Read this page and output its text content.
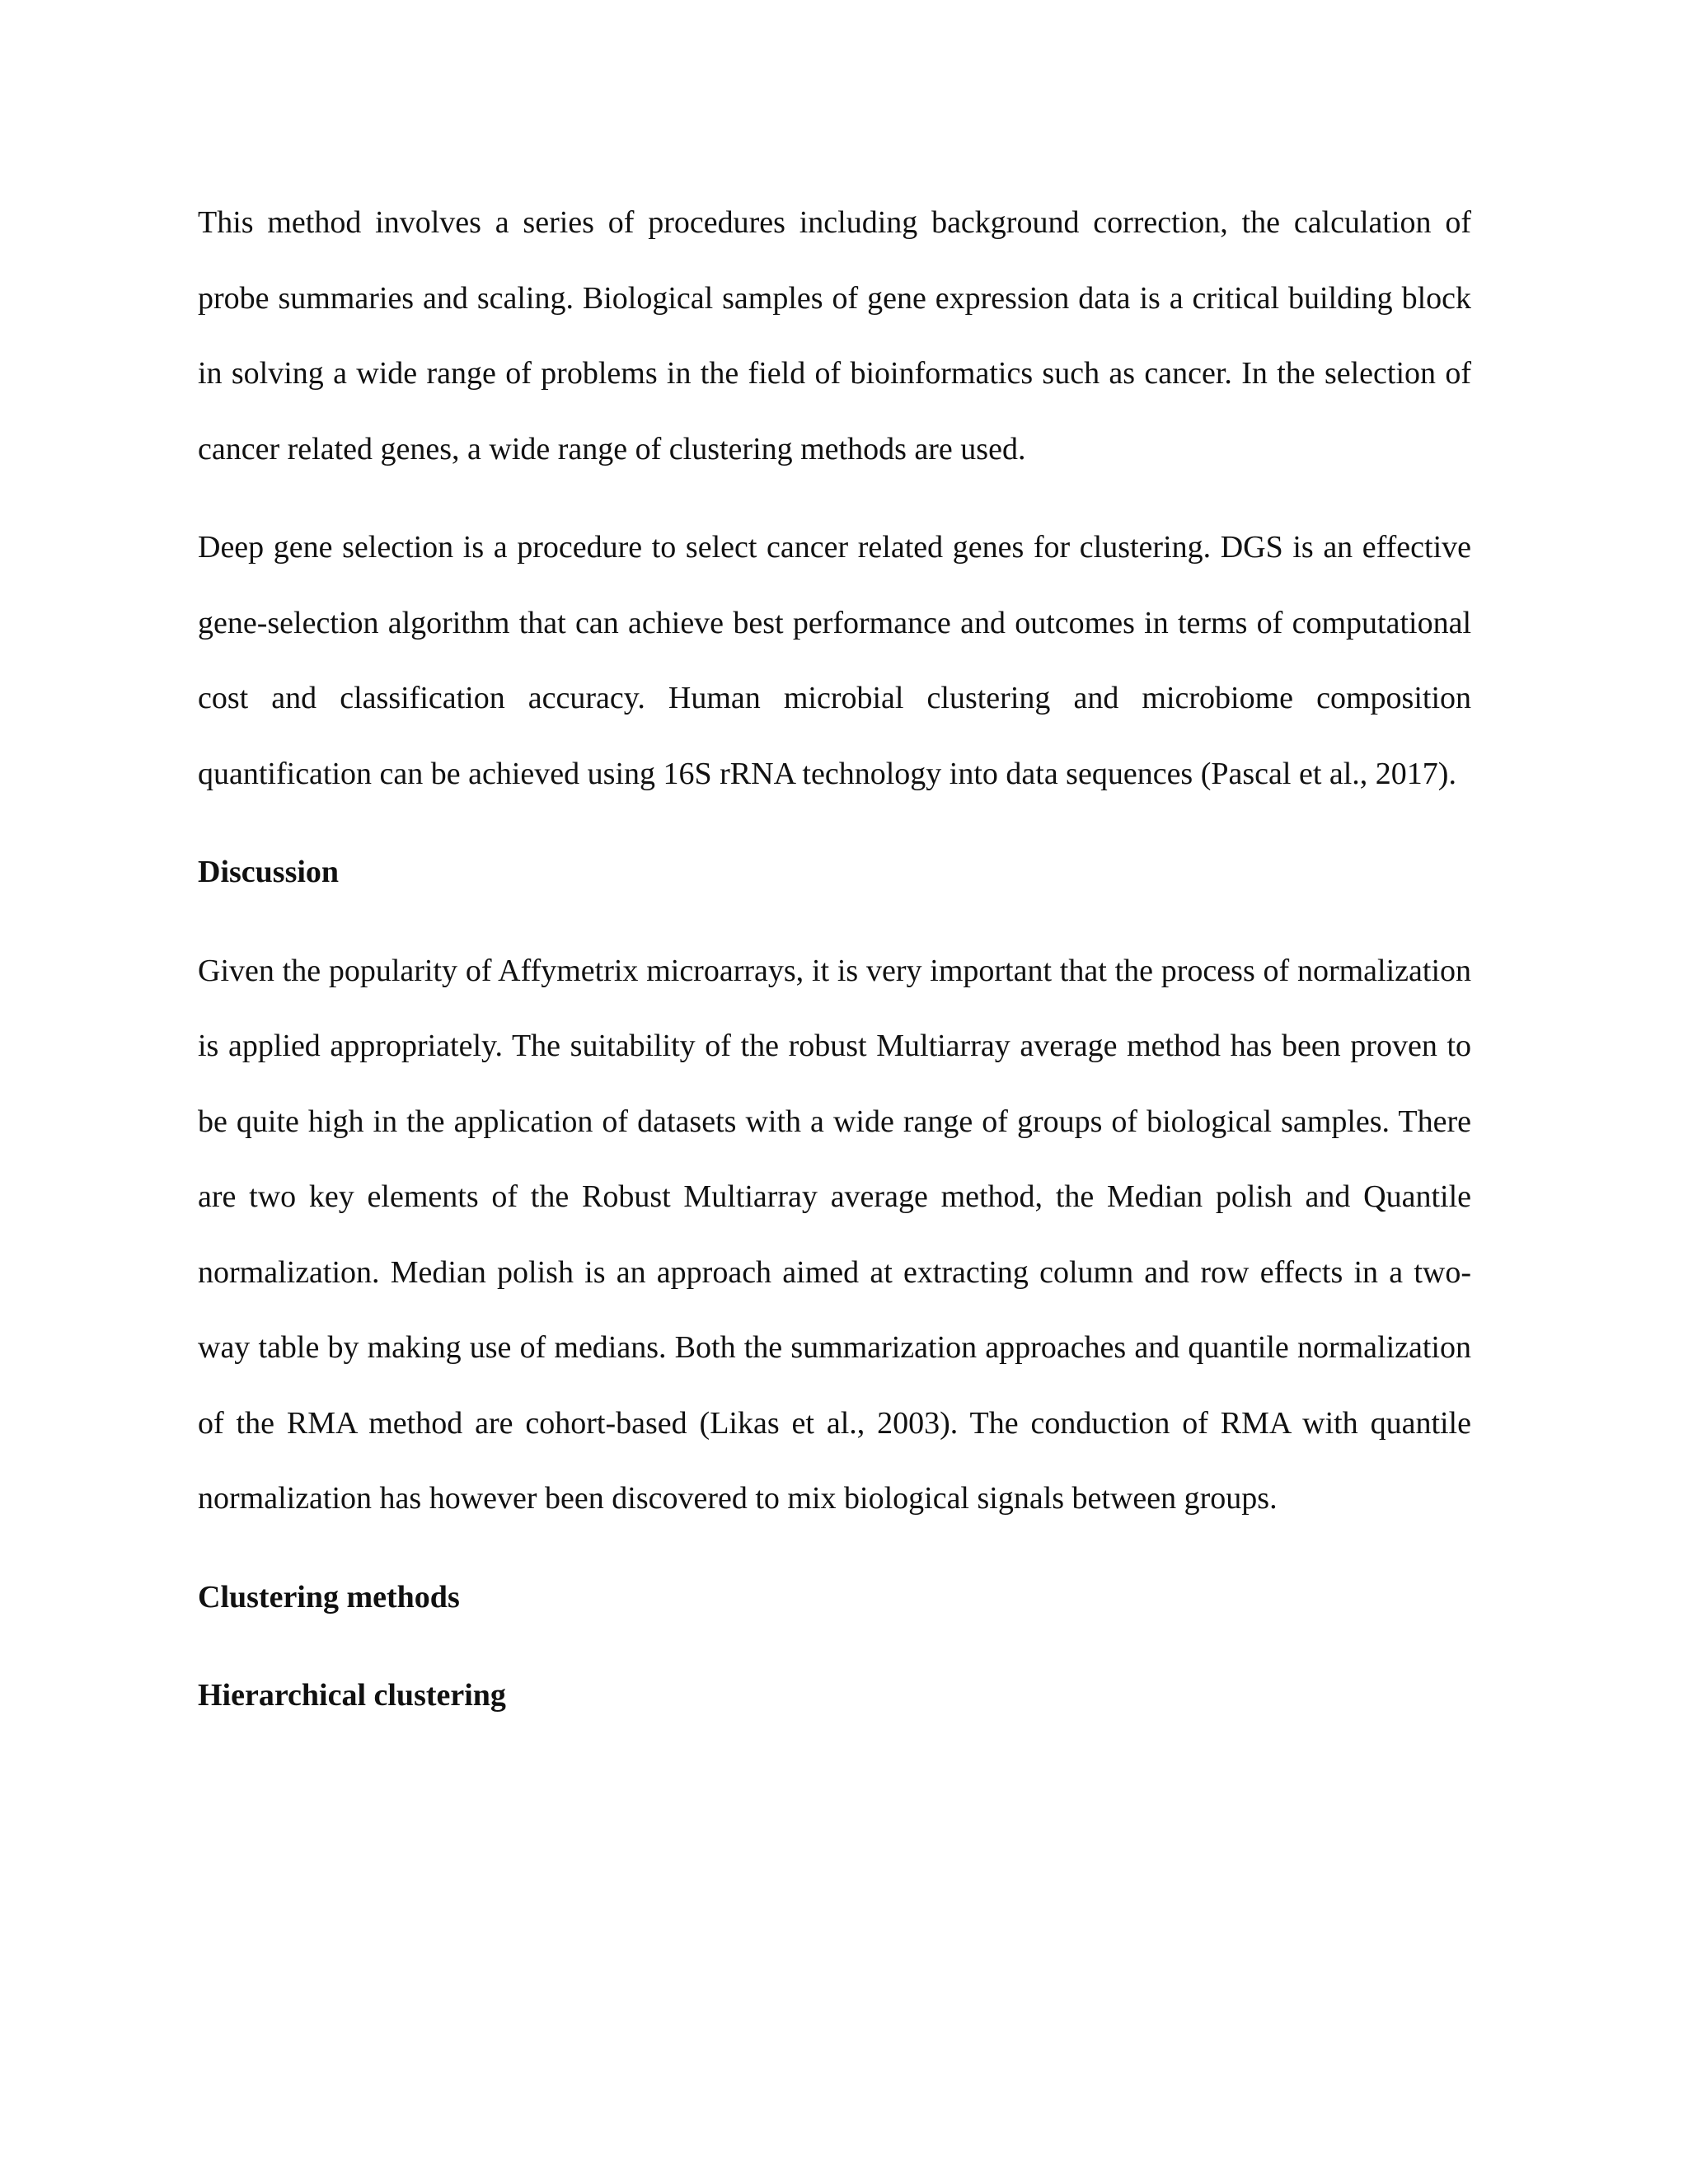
This method involves a series of procedures including background correction, the calculation of probe summaries and scaling. Biological samples of gene expression data is a critical building block in solving a wide range of problems in the field of bioinformatics such as cancer. In the selection of cancer related genes, a wide range of clustering methods are used.

Deep gene selection is a procedure to select cancer related genes for clustering. DGS is an effective gene-selection algorithm that can achieve best performance and outcomes in terms of computational cost and classification accuracy. Human microbial clustering and microbiome composition quantification can be achieved using 16S rRNA technology into data sequences (Pascal et al., 2017).

Discussion

Given the popularity of Affymetrix microarrays, it is very important that the process of normalization is applied appropriately. The suitability of the robust Multiarray average method has been proven to be quite high in the application of datasets with a wide range of groups of biological samples. There are two key elements of the Robust Multiarray average method, the Median polish and Quantile normalization. Median polish is an approach aimed at extracting column and row effects in a two-way table by making use of medians. Both the summarization approaches and quantile normalization of the RMA method are cohort-based (Likas et al., 2003). The conduction of RMA with quantile normalization has however been discovered to mix biological signals between groups.

Clustering methods
Hierarchical clustering
